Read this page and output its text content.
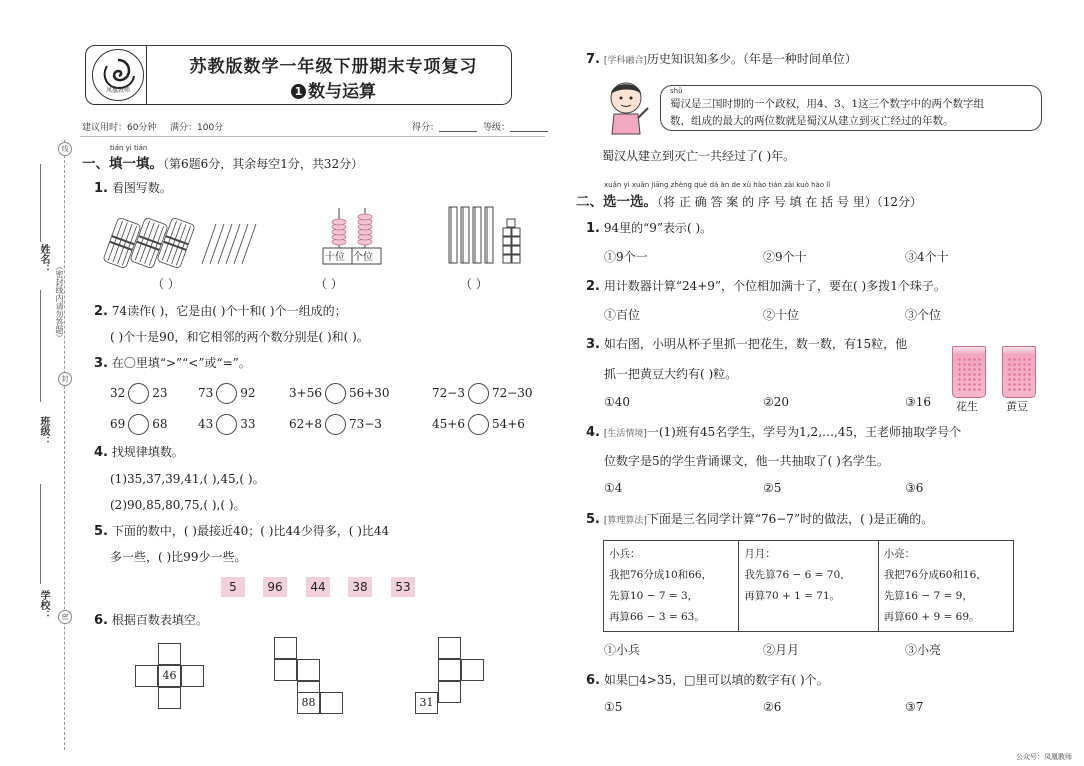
姓名：
班级：
学校：
线
封
密
（密封线内请勿答题）
凤凰教师
苏教版数学一年级下册期末专项复习
1 数与运算
建议用时：60分钟 满分：100分	得分：	等级：
tián yi tián
一、填一填。（第6题6分，其余每空1分，共32分）
1. 看图写数。
十位 个位
（ ）	（ ）	（ ）
2. 74读作( )，它是由( )个十和( )个一组成的；
( )个十是90，和它相邻的两个数分别是( )和( )。
3. 在〇里填“>”“<”或“=”。
32 23	73 92	3+56 56+30	72−3 72−30
69 68	43 33	62+8 73−3	45+6 54+6
4. 找规律填数。
(1)35,37,39,41,( ),45,( )。
(2)90,85,80,75,( ),( )。
5. 下面的数中，( )最接近40；( )比44少得多，( )比44
多一些，( )比99少一些。
5	96	44	38	53
6. 根据百数表填空。
46
88	31
7. [学科融合]历史知识知多少。（年是一种时间单位）
shǔ
蜀汉是三国时期的一个政权，用4、3、1这三个数字中的两个数字组
数，组成的最大的两位数就是蜀汉从建立到灭亡经过的年数。
蜀汉从建立到灭亡一共经过了( )年。
xuǎn yi xuǎn jiāng zhèng què dá àn de xù hào tián zài kuò hào lǐ
二、选一选。（将 正 确 答 案 的 序 号 填 在 括 号 里）（12分）
1. 94里的“9”表示( )。
①9个一	②9个十	③4个十
2. 用计数器计算“24+9”，个位相加满十了，要在( )多拨1个珠子。
①百位	②十位	③个位
3. 如右图，小明从杯子里抓一把花生，数一数，有15粒，他
抓一把黄豆大约有( )粒。
①40	②20	③16 花生	黄豆
4. [生活情境]一(1)班有45名学生，学号为1,2,…,45，王老师抽取学号个
位数字是5的学生背诵课文，他一共抽取了( )名学生。
①4	②5	③6
5. [算理算法]下面是三名同学计算“76−7”时的做法，( )是正确的。
小兵：
我把76分成10和66，
先算10 − 7 = 3，
再算66 − 3 = 63。

月月：
我先算76 − 6 = 70，
再算70 + 1 = 71。

小亮：
我把76分成60和16，
先算16 − 7 = 9，
再算60 + 9 = 69。
①小兵	②月月	③小亮
6. 如果□4>35，□里可以填的数字有( )个。
①5	②6	③7
公众号：凤凰教师
